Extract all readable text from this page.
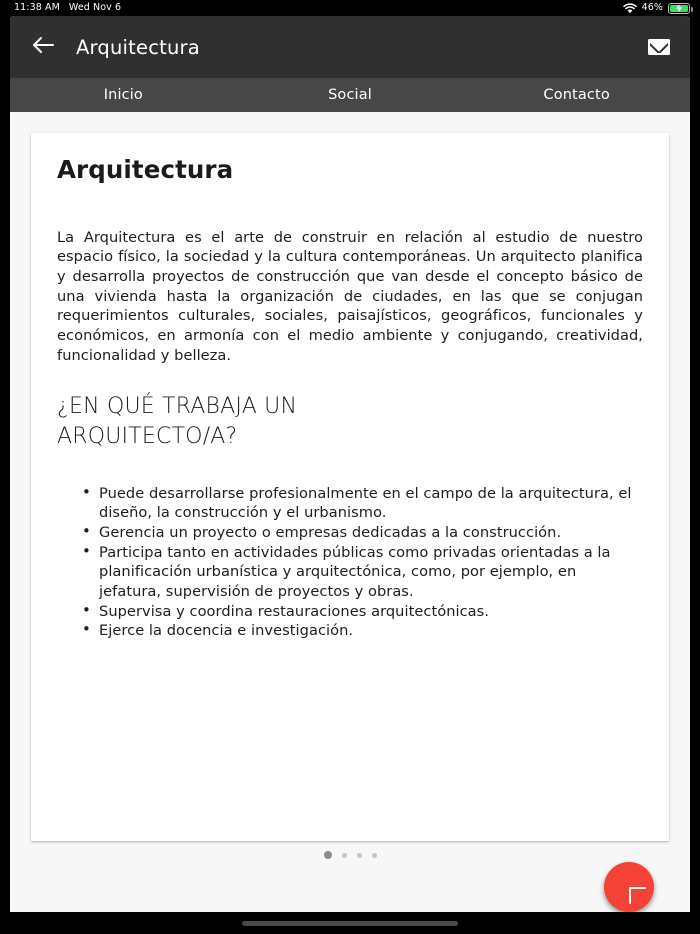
11:38 AM Wed Nov 6	46%
Arquitectura
Inicio	Social	Contacto
Arquitectura

La Arquitectura es el arte de construir en relación al estudio de nuestro espacio físico, la sociedad y la cultura contemporáneas. Un arquitecto planifica y desarrolla proyectos de construcción que van desde el concepto básico de una vivienda hasta la organización de ciudades, en las que se conjugan requerimientos culturales, sociales, paisajísticos, geográficos, funcionales y económicos, en armonía con el medio ambiente y conjugando, creatividad, funcionalidad y belleza.

¿EN QUÉ TRABAJA UN ARQUITECTO/A?
• Puede desarrollarse profesionalmente en el campo de la arquitectura, el diseño, la construcción y el urbanismo.
• Gerencia un proyecto o empresas dedicadas a la construcción.
• Participa tanto en actividades públicas como privadas orientadas a la planificación urbanística y arquitectónica, como, por ejemplo, en jefatura, supervisión de proyectos y obras.
• Supervisa y coordina restauraciones arquitectónicas.
• Ejerce la docencia e investigación.
